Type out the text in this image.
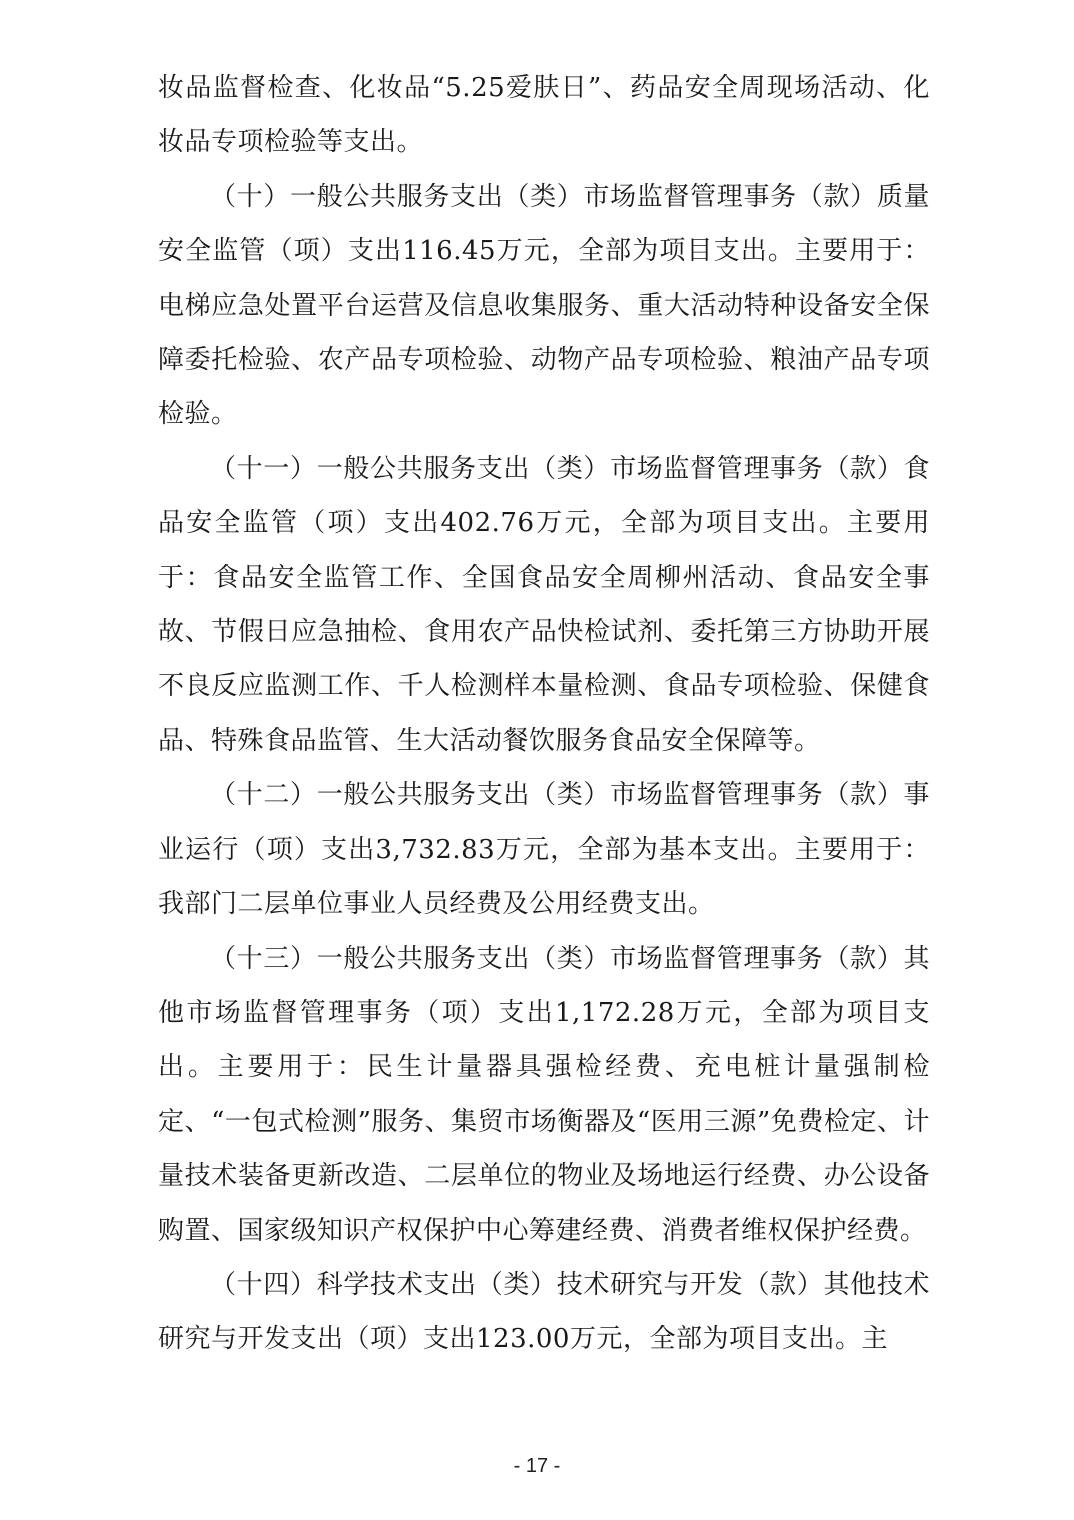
妆品监督检查、化妆品“5.25爱肤日”、药品安全周现场活动、化妆品专项检验等支出。

（十）一般公共服务支出（类）市场监督管理事务（款）质量安全监管（项）支出116.45万元，全部为项目支出。主要用于：电梯应急处置平台运营及信息收集服务、重大活动特种设备安全保障委托检验、农产品专项检验、动物产品专项检验、粮油产品专项检验。

（十一）一般公共服务支出（类）市场监督管理事务（款）食品安全监管（项）支出402.76万元，全部为项目支出。主要用于：食品安全监管工作、全国食品安全周柳州活动、食品安全事故、节假日应急抽检、食用农产品快检试剂、委托第三方协助开展不良反应监测工作、千人检测样本量检测、食品专项检验、保健食品、特殊食品监管、生大活动餐饮服务食品安全保障等。

（十二）一般公共服务支出（类）市场监督管理事务（款）事业运行（项）支出3,732.83万元，全部为基本支出。主要用于：我部门二层单位事业人员经费及公用经费支出。

（十三）一般公共服务支出（类）市场监督管理事务（款）其他市场监督管理事务（项）支出1,172.28万元，全部为项目支出。主要用于：民生计量器具强检经费、充电桩计量强制检定、“一包式检测”服务、集贸市场衡器及“医用三源”免费检定、计量技术装备更新改造、二层单位的物业及场地运行经费、办公设备购置、国家级知识产权保护中心筹建经费、消费者维权保护经费。

（十四）科学技术支出（类）技术研究与开发（款）其他技术研究与开发支出（项）支出123.00万元，全部为项目支出。主

- 17 -
